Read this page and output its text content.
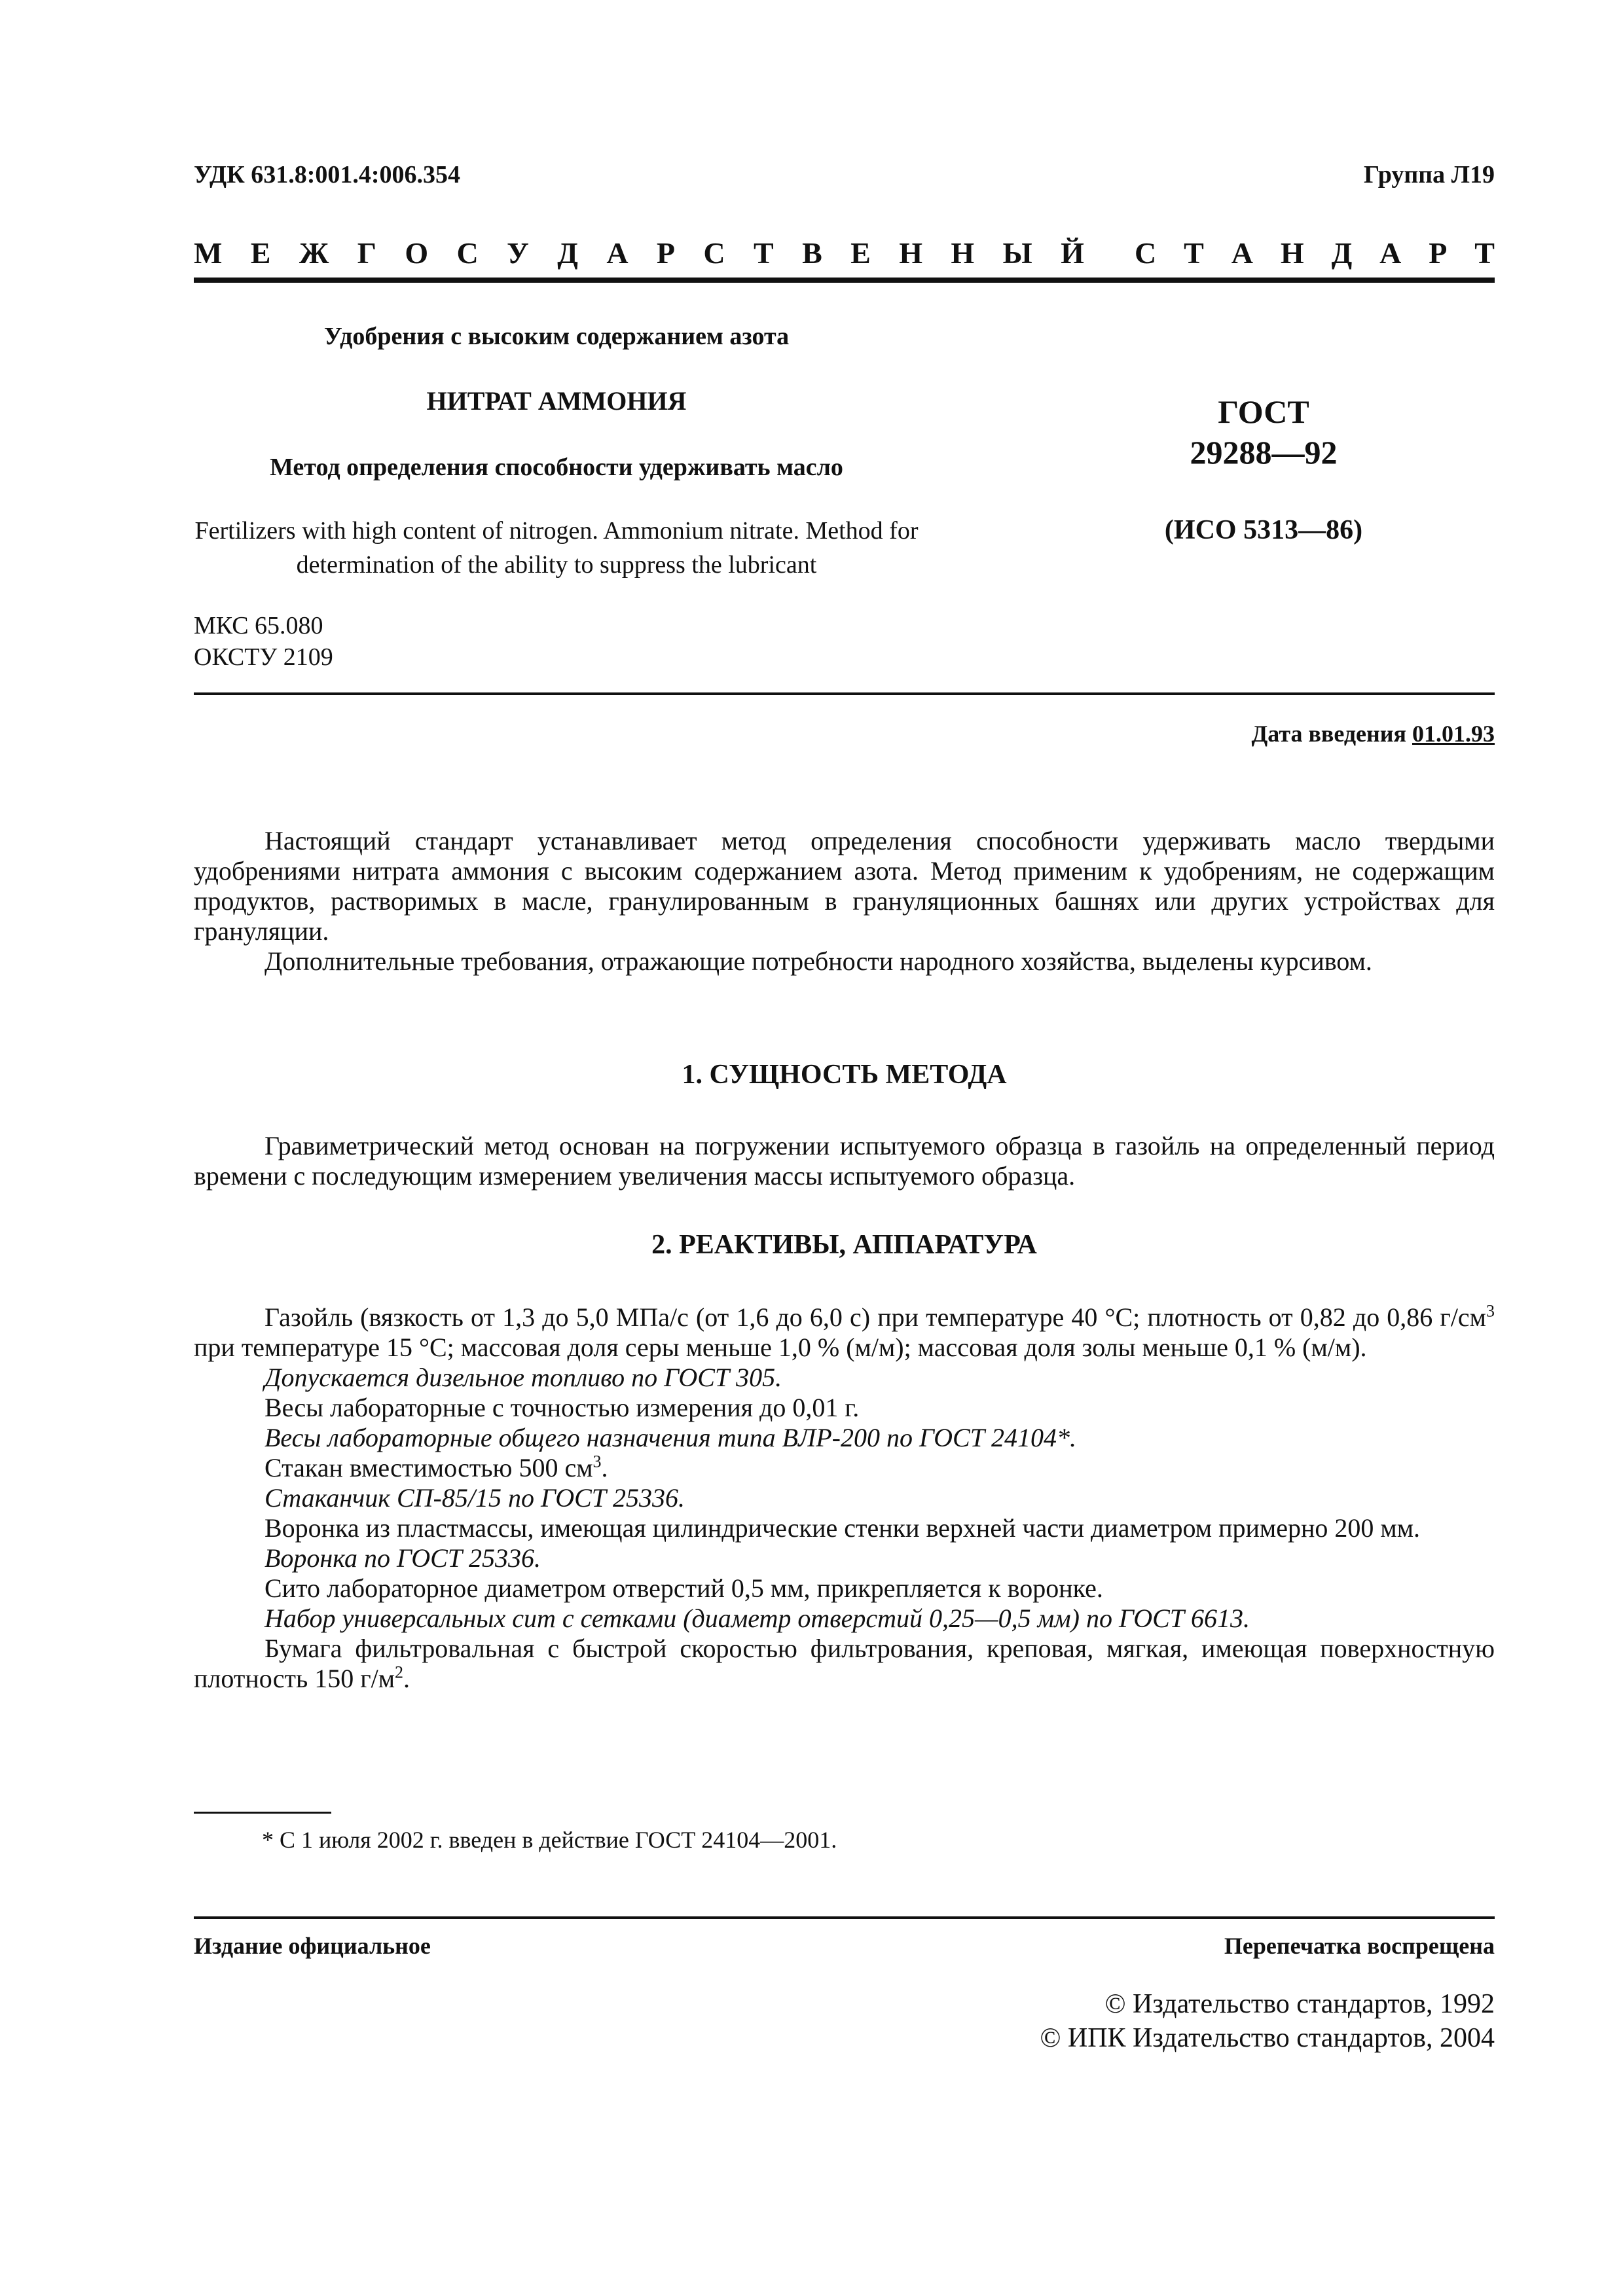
УДК 631.8:001.4:006.354	Группа Л19
М Е Ж Г О С У Д А Р С Т В Е Н Н Ы Й С Т А Н Д А Р Т
Удобрения с высоким содержанием азота
НИТРАТ АММОНИЯ
Метод определения способности удерживать масло
Fertilizers with high content of nitrogen. Ammonium nitrate. Method for
determination of the ability to suppress the lubricant
ГОСТ
29288—92
(ИСО 5313—86)
МКС 65.080
ОКСТУ 2109
Дата введения 01.01.93

Настоящий стандарт устанавливает метод определения способности удерживать масло твердыми удобрениями нитрата аммония с высоким содержанием азота. Метод применим к удобрениям, не содержащим продуктов, растворимых в масле, гранулированным в грануляционных башнях или других устройствах для грануляции.

Дополнительные требования, отражающие потребности народного хозяйства, выделены курсивом.

1. СУЩНОСТЬ МЕТОДА

Гравиметрический метод основан на погружении испытуемого образца в газойль на определенный период времени с последующим измерением увеличения массы испытуемого образца.

2. РЕАКТИВЫ, АППАРАТУРА

Газойль (вязкость от 1,3 до 5,0 МПа/с (от 1,6 до 6,0 с) при температуре 40 °С; плотность от 0,82 до 0,86 $г/см^3$ при температуре 15 °С; массовая доля серы меньше 1,0 % (м/м); массовая доля золы меньше 0,1 % (м/м).

Допускается дизельное топливо по ГОСТ 305.

Весы лабораторные с точностью измерения до 0,01 г.

Весы лабораторные общего назначения типа ВЛР-200 по ГОСТ 24104*.

Стакан вместимостью 500 $см^3$.

Стаканчик СП-85/15 по ГОСТ 25336.

Воронка из пластмассы, имеющая цилиндрические стенки верхней части диаметром примерно 200 мм.

Воронка по ГОСТ 25336.

Сито лабораторное диаметром отверстий 0,5 мм, прикрепляется к воронке.

Набор универсальных сит с сетками (диаметр отверстий 0,25—0,5 мм) по ГОСТ 6613.

Бумага фильтровальная с быстрой скоростью фильтрования, креповая, мягкая, имеющая поверхностную плотность 150 $г/м^2$.

* С 1 июля 2002 г. введен в действие ГОСТ 24104—2001.
Издание официальное	Перепечатка воспрещена
© Издательство стандартов, 1992
© ИПК Издательство стандартов, 2004
